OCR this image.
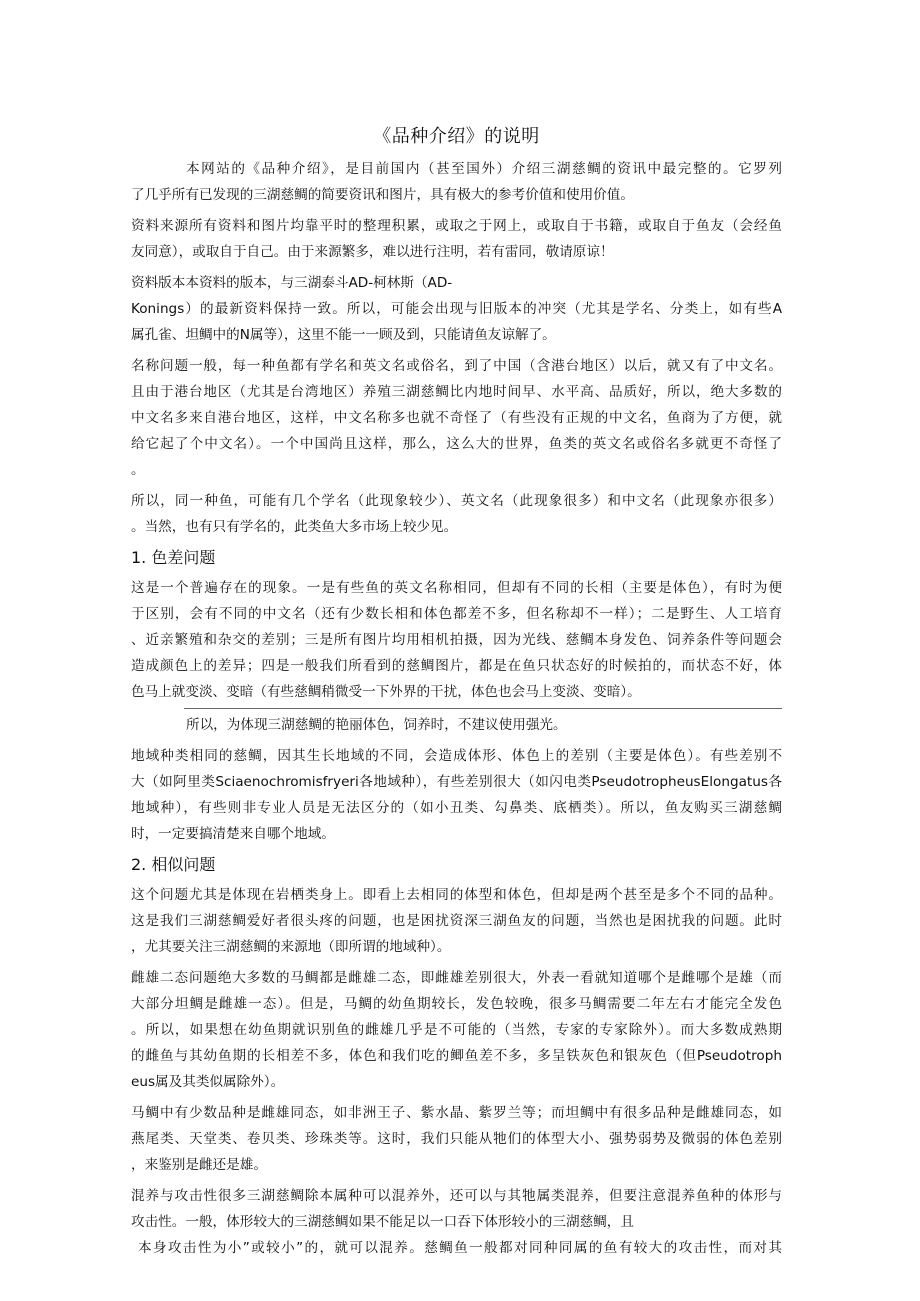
《品种介绍》的说明

本网站的《品种介绍》，是目前国内（甚至国外）介绍三湖慈鲷的资讯中最完整的。它罗列
了几乎所有已发现的三湖慈鲷的简要资讯和图片，具有极大的参考价值和使用价值。

资料来源所有资料和图片均靠平时的整理积累，或取之于网上，或取自于书籍，或取自于鱼友（会经鱼
友同意），或取自于自己。由于来源繁多，难以进行注明，若有雷同，敬请原谅！

资料版本本资料的版本，与三湖泰斗AD-柯林斯（AD-
Konings）的最新资料保持一致。所以，可能会出现与旧版本的冲突（尤其是学名、分类上，如有些A
属孔雀、坦鲷中的N属等），这里不能一一顾及到，只能请鱼友谅解了。

名称问题一般，每一种鱼都有学名和英文名或俗名，到了中国（含港台地区）以后，就又有了中文名。
且由于港台地区（尤其是台湾地区）养殖三湖慈鲷比内地时间早、水平高、品质好，所以，绝大多数的
中文名多来自港台地区，这样，中文名称多也就不奇怪了（有些没有正规的中文名，鱼商为了方便，就
给它起了个中文名）。一个中国尚且这样，那么，这么大的世界，鱼类的英文名或俗名多就更不奇怪了
。

所以，同一种鱼，可能有几个学名（此现象较少）、英文名（此现象很多）和中文名（此现象亦很多）
。当然，也有只有学名的，此类鱼大多市场上较少见。

1. 色差问题

这是一个普遍存在的现象。一是有些鱼的英文名称相同，但却有不同的长相（主要是体色），有时为便
于区别，会有不同的中文名（还有少数长相和体色都差不多，但名称却不一样）；二是野生、人工培育
、近亲繁殖和杂交的差别；三是所有图片均用相机拍摄，因为光线、慈鲷本身发色、饲养条件等问题会
造成颜色上的差异；四是一般我们所看到的慈鲷图片，都是在鱼只状态好的时候拍的，而状态不好，体
色马上就变淡、变暗（有些慈鲷稍微受一下外界的干扰，体色也会马上变淡、变暗）。

所以，为体现三湖慈鲷的艳丽体色，饲养时，不建议使用强光。

地域种类相同的慈鲷，因其生长地域的不同，会造成体形、体色上的差别（主要是体色）。有些差别不
大（如阿里类Sciaenochromisfryeri各地域种），有些差别很大（如闪电类PseudotropheusElongatus各
地域种），有些则非专业人员是无法区分的（如小丑类、勾鼻类、底栖类）。所以，鱼友购买三湖慈鲷
时，一定要搞清楚来自哪个地域。

2. 相似问题

这个问题尤其是体现在岩栖类身上。即看上去相同的体型和体色，但却是两个甚至是多个不同的品种。
这是我们三湖慈鲷爱好者很头疼的问题，也是困扰资深三湖鱼友的问题，当然也是困扰我的问题。此时
，尤其要关注三湖慈鲷的来源地（即所谓的地域种）。

雌雄二态问题绝大多数的马鲷都是雌雄二态，即雌雄差别很大，外表一看就知道哪个是雌哪个是雄（而
大部分坦鲷是雌雄一态）。但是，马鲷的幼鱼期较长，发色较晚，很多马鲷需要二年左右才能完全发色
。所以，如果想在幼鱼期就识别鱼的雌雄几乎是不可能的（当然，专家的专家除外）。而大多数成熟期
的雌鱼与其幼鱼期的长相差不多，体色和我们吃的鲫鱼差不多，多呈铁灰色和银灰色（但Pseudotroph
eus属及其类似属除外）。

马鲷中有少数品种是雌雄同态，如非洲王子、紫水晶、紫罗兰等；而坦鲷中有很多品种是雌雄同态，如
燕尾类、天堂类、卷贝类、珍珠类等。这时，我们只能从牠们的体型大小、强势弱势及微弱的体色差别
，来鉴别是雌还是雄。

混养与攻击性很多三湖慈鲷除本属种可以混养外，还可以与其牠属类混养，但要注意混养鱼种的体形与
攻击性。一般，体形较大的三湖慈鲷如果不能足以一口吞下体形较小的三湖慈鲷，且
本身攻击性为小”或较小”的，就可以混养。慈鲷鱼一般都对同种同属的鱼有较大的攻击性，而对其
